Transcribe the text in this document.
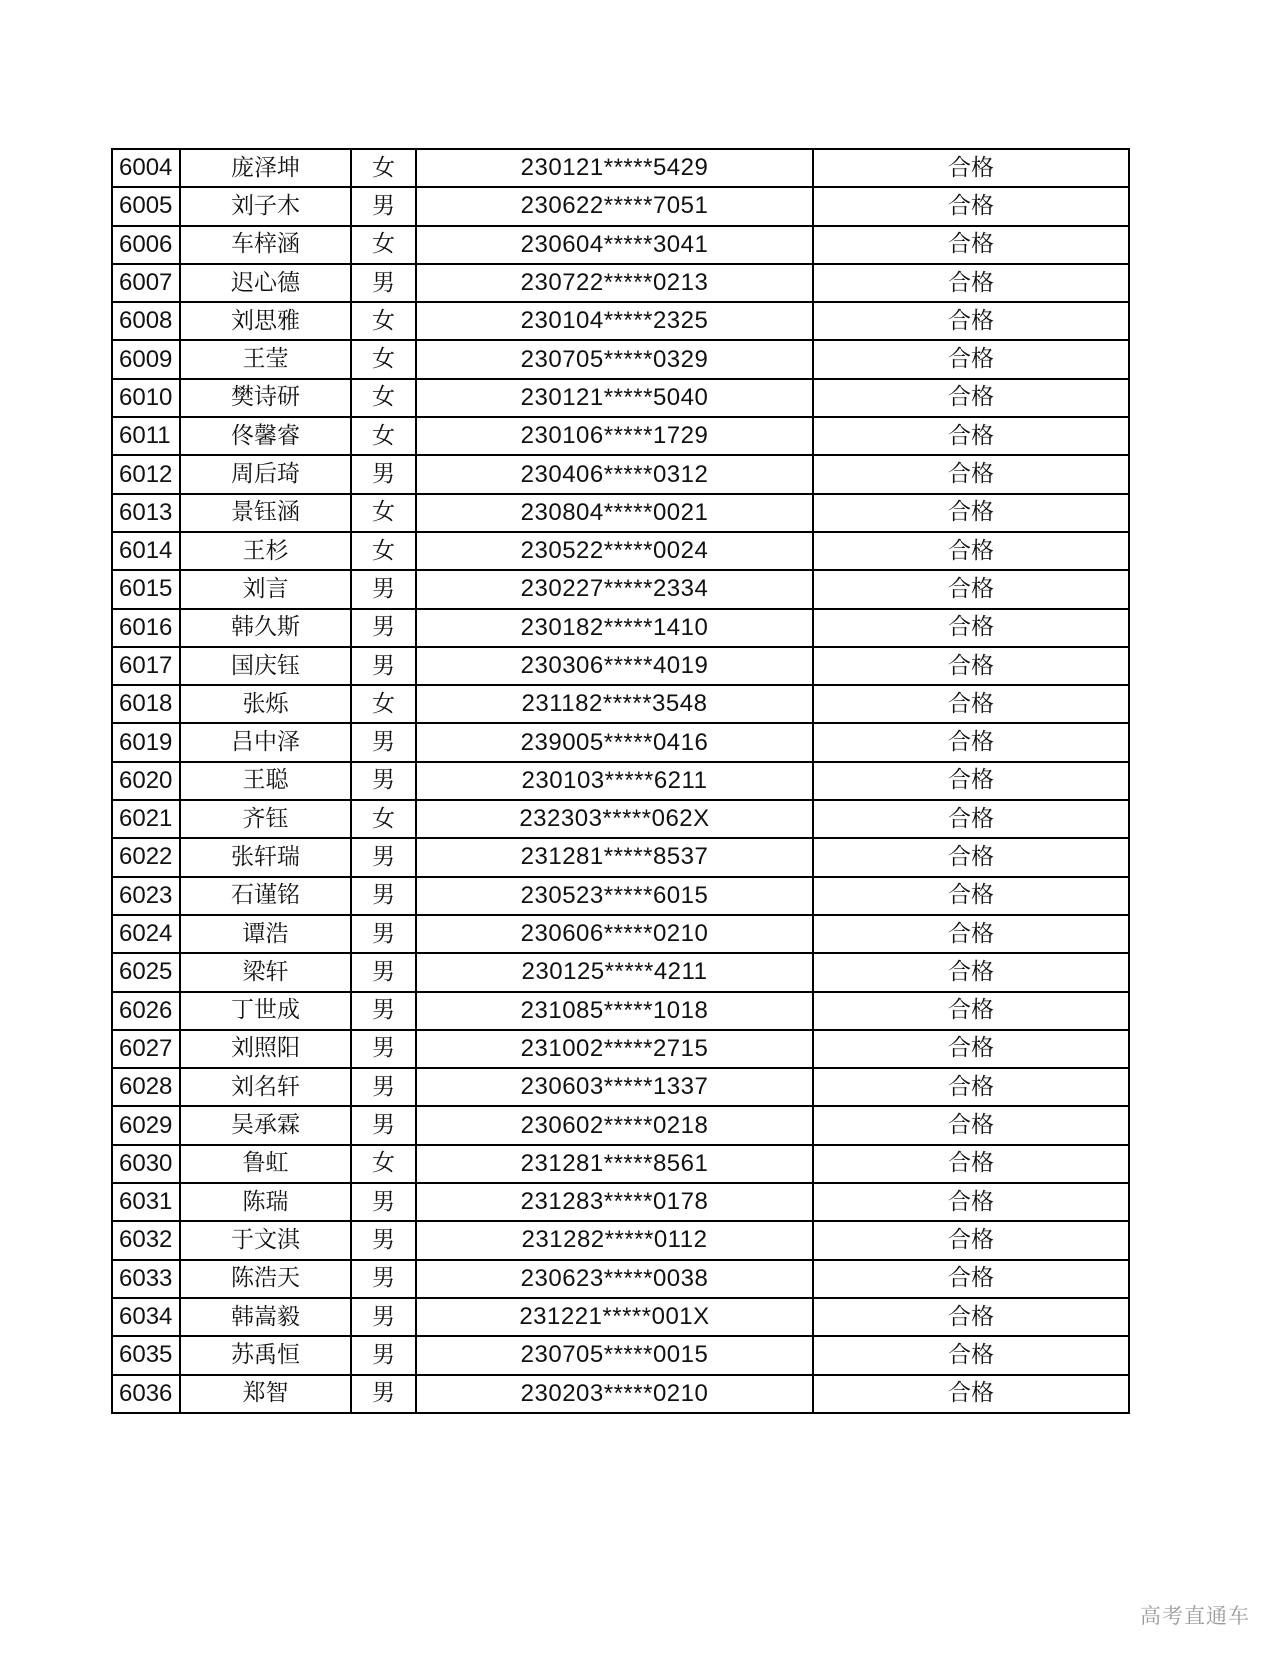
6004	庞泽坤	女	230121*****5429	合格
6005	刘子木	男	230622*****7051	合格
6006	车梓涵	女	230604*****3041	合格
6007	迟心德	男	230722*****0213	合格
6008	刘思雅	女	230104*****2325	合格
6009	王莹	女	230705*****0329	合格
6010	樊诗研	女	230121*****5040	合格
6011	佟馨睿	女	230106*****1729	合格
6012	周后琦	男	230406*****0312	合格
6013	景钰涵	女	230804*****0021	合格
6014	王杉	女	230522*****0024	合格
6015	刘言	男	230227*****2334	合格
6016	韩久斯	男	230182*****1410	合格
6017	国庆钰	男	230306*****4019	合格
6018	张烁	女	231182*****3548	合格
6019	吕中泽	男	239005*****0416	合格
6020	王聪	男	230103*****6211	合格
6021	齐钰	女	232303*****062X	合格
6022	张轩瑞	男	231281*****8537	合格
6023	石谨铭	男	230523*****6015	合格
6024	谭浩	男	230606*****0210	合格
6025	梁轩	男	230125*****4211	合格
6026	丁世成	男	231085*****1018	合格
6027	刘照阳	男	231002*****2715	合格
6028	刘名轩	男	230603*****1337	合格
6029	吴承霖	男	230602*****0218	合格
6030	鲁虹	女	231281*****8561	合格
6031	陈瑞	男	231283*****0178	合格
6032	于文淇	男	231282*****0112	合格
6033	陈浩天	男	230623*****0038	合格
6034	韩嵩毅	男	231221*****001X	合格
6035	苏禹恒	男	230705*****0015	合格
6036	郑智	男	230203*****0210	合格
高考直通车
